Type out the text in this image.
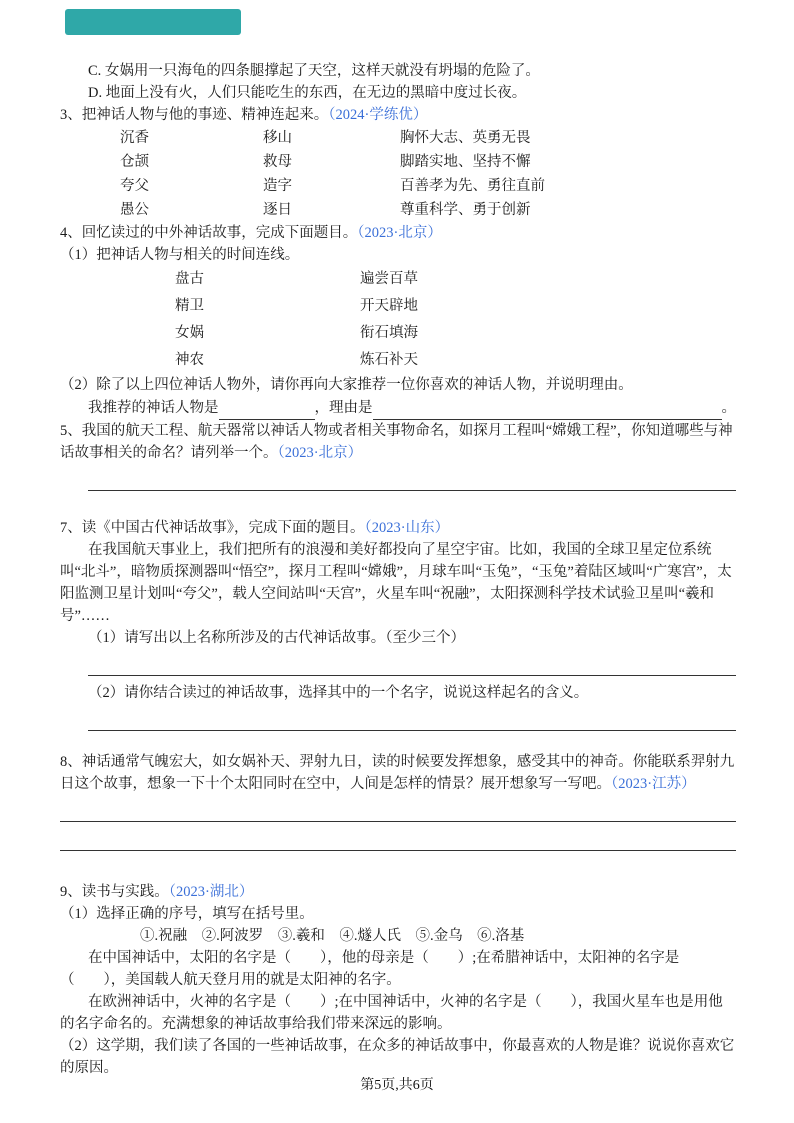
C. 女娲用一只海龟的四条腿撑起了天空，这样天就没有坍塌的危险了。

D. 地面上没有火，人们只能吃生的东西，在无边的黑暗中度过长夜。

3、把神话人物与他的事迹、精神连起来。（2024·学练优）

沉香	移山	胸怀大志、英勇无畏
仓颉	救母	脚踏实地、坚持不懈
夸父	造字	百善孝为先、勇往直前
愚公	逐日	尊重科学、勇于创新

4、回忆读过的中外神话故事，完成下面题目。（2023·北京）

（1）把神话人物与相关的时间连线。

盘古	遍尝百草
精卫	开天辟地
女娲	衔石填海
神农	炼石补天

（2）除了以上四位神话人物外，请你再向大家推荐一位你喜欢的神话人物，并说明理由。

我推荐的神话人物是	，理由是	。

5、我国的航天工程、航天器常以神话人物或者相关事物命名，如探月工程叫“嫦娥工程”，你知道哪些与神话故事相关的命名？请列举一个。（2023·北京）

7、读《中国古代神话故事》，完成下面的题目。（2023·山东）

在我国航天事业上，我们把所有的浪漫和美好都投向了星空宇宙。比如，我国的全球卫星定位系统叫“北斗”，暗物质探测器叫“悟空”，探月工程叫“嫦娥”，月球车叫“玉兔”，“玉兔”着陆区域叫“广寒宫”，太阳监测卫星计划叫“夸父”，载人空间站叫“天宫”，火星车叫“祝融”，太阳探测科学技术试验卫星叫“羲和号”……

（1）请写出以上名称所涉及的古代神话故事。（至少三个）

（2）请你结合读过的神话故事，选择其中的一个名字，说说这样起名的含义。

8、神话通常气魄宏大，如女娲补天、羿射九日，读的时候要发挥想象，感受其中的神奇。你能联系羿射九日这个故事，想象一下十个太阳同时在空中，人间是怎样的情景？展开想象写一写吧。（2023·江苏）

9、读书与实践。（2023·湖北）

（1）选择正确的序号，填写在括号里。

①.祝融　②.阿波罗　③.羲和　④.燧人氏　⑤.金乌　⑥.洛基

在中国神话中，太阳的名字是（　　），他的母亲是（　　）;在希腊神话中，太阳神的名字是（　　），美国载人航天登月用的就是太阳神的名字。

在欧洲神话中，火神的名字是（　　）;在中国神话中，火神的名字是（　　），我国火星车也是用他的名字命名的。充满想象的神话故事给我们带来深远的影响。

（2）这学期，我们读了各国的一些神话故事，在众多的神话故事中，你最喜欢的人物是谁？说说你喜欢它的原因。

第5页,共6页
